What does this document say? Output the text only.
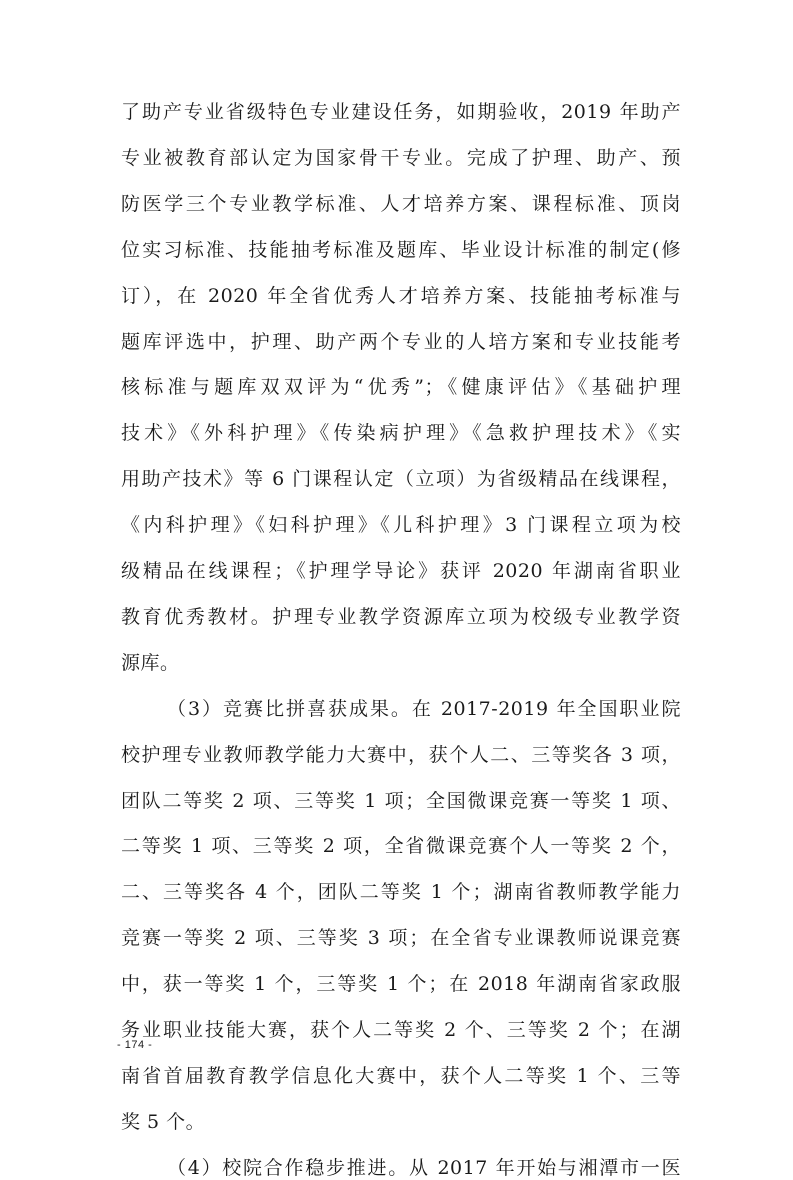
了助产专业省级特色专业建设任务，如期验收，2019 年助产
专业被教育部认定为国家骨干专业。完成了护理、助产、预
防医学三个专业教学标准、人才培养方案、课程标准、顶岗
位实习标准、技能抽考标准及题库、毕业设计标准的制定(修
订），在 2020 年全省优秀人才培养方案、技能抽考标准与
题库评选中，护理、助产两个专业的人培方案和专业技能考
核标准与题库双双评为“优秀”；《健康评估》《基础护理
技术》《外科护理》《传染病护理》《急救护理技术》《实
用助产技术》等 6 门课程认定（立项）为省级精品在线课程，
《内科护理》《妇科护理》《儿科护理》3 门课程立项为校
级精品在线课程；《护理学导论》获评 2020 年湖南省职业
教育优秀教材。护理专业教学资源库立项为校级专业教学资
源库。
（3）竞赛比拼喜获成果。在 2017-2019 年全国职业院
校护理专业教师教学能力大赛中，获个人二、三等奖各 3 项，
团队二等奖 2 项、三等奖 1 项；全国微课竞赛一等奖 1 项、
二等奖 1 项、三等奖 2 项，全省微课竞赛个人一等奖 2 个，
二、三等奖各 4 个，团队二等奖 1 个；湖南省教师教学能力
竞赛一等奖 2 项、三等奖 3 项；在全省专业课教师说课竞赛
中，获一等奖 1 个，三等奖 1 个；在 2018 年湖南省家政服
务业职业技能大赛，获个人二等奖 2 个、三等奖 2 个；在湖
南省首届教育教学信息化大赛中，获个人二等奖 1 个、三等
奖 5 个。
（4）校院合作稳步推进。从 2017 年开始与湘潭市一医
- 174 -
